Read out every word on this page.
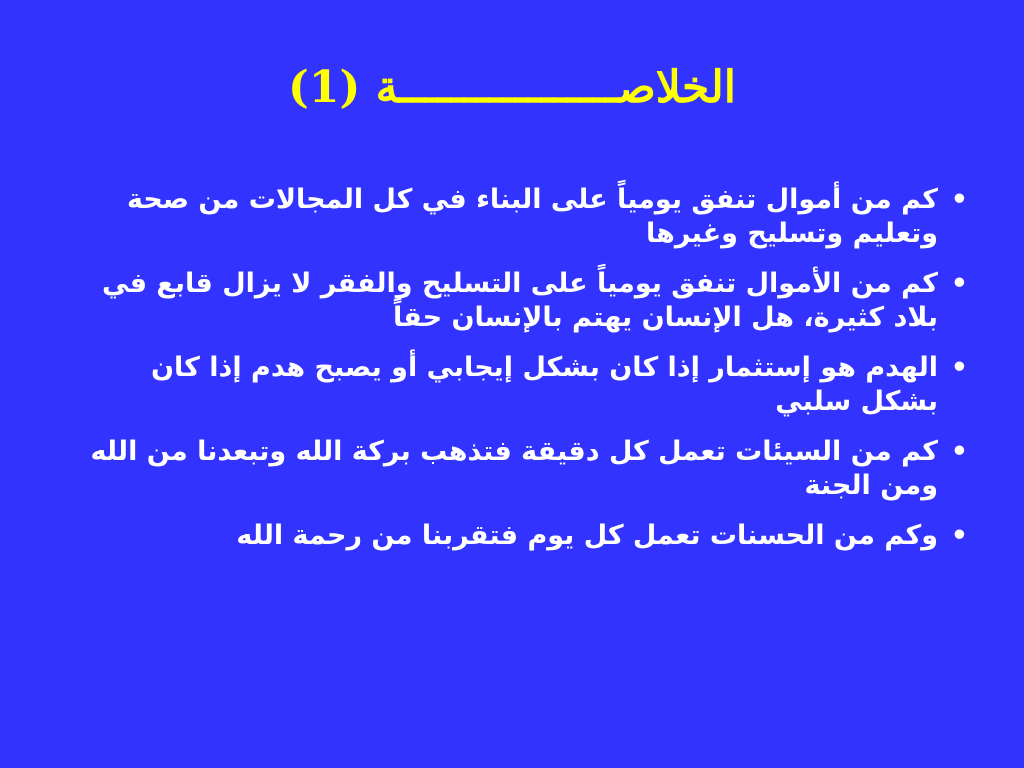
الخلاصـــــــــــــــــة (1)
•
كم من أموال تنفق يومياً على البناء في كل المجالات من صحة وتعليم وتسليح وغيرها
•
كم من الأموال تنفق يومياً على التسليح والفقر لا يزال قابع في بلاد كثيرة، هل الإنسان يهتم بالإنسان حقاً
•
الهدم هو إستثمار إذا كان بشكل إيجابي أو يصبح هدم إذا كان بشكل سلبي
•
كم من السيئات تعمل كل دقيقة فتذهب بركة الله وتبعدنا من الله ومن الجنة
•
وكم من الحسنات تعمل كل يوم فتقربنا من رحمة الله
